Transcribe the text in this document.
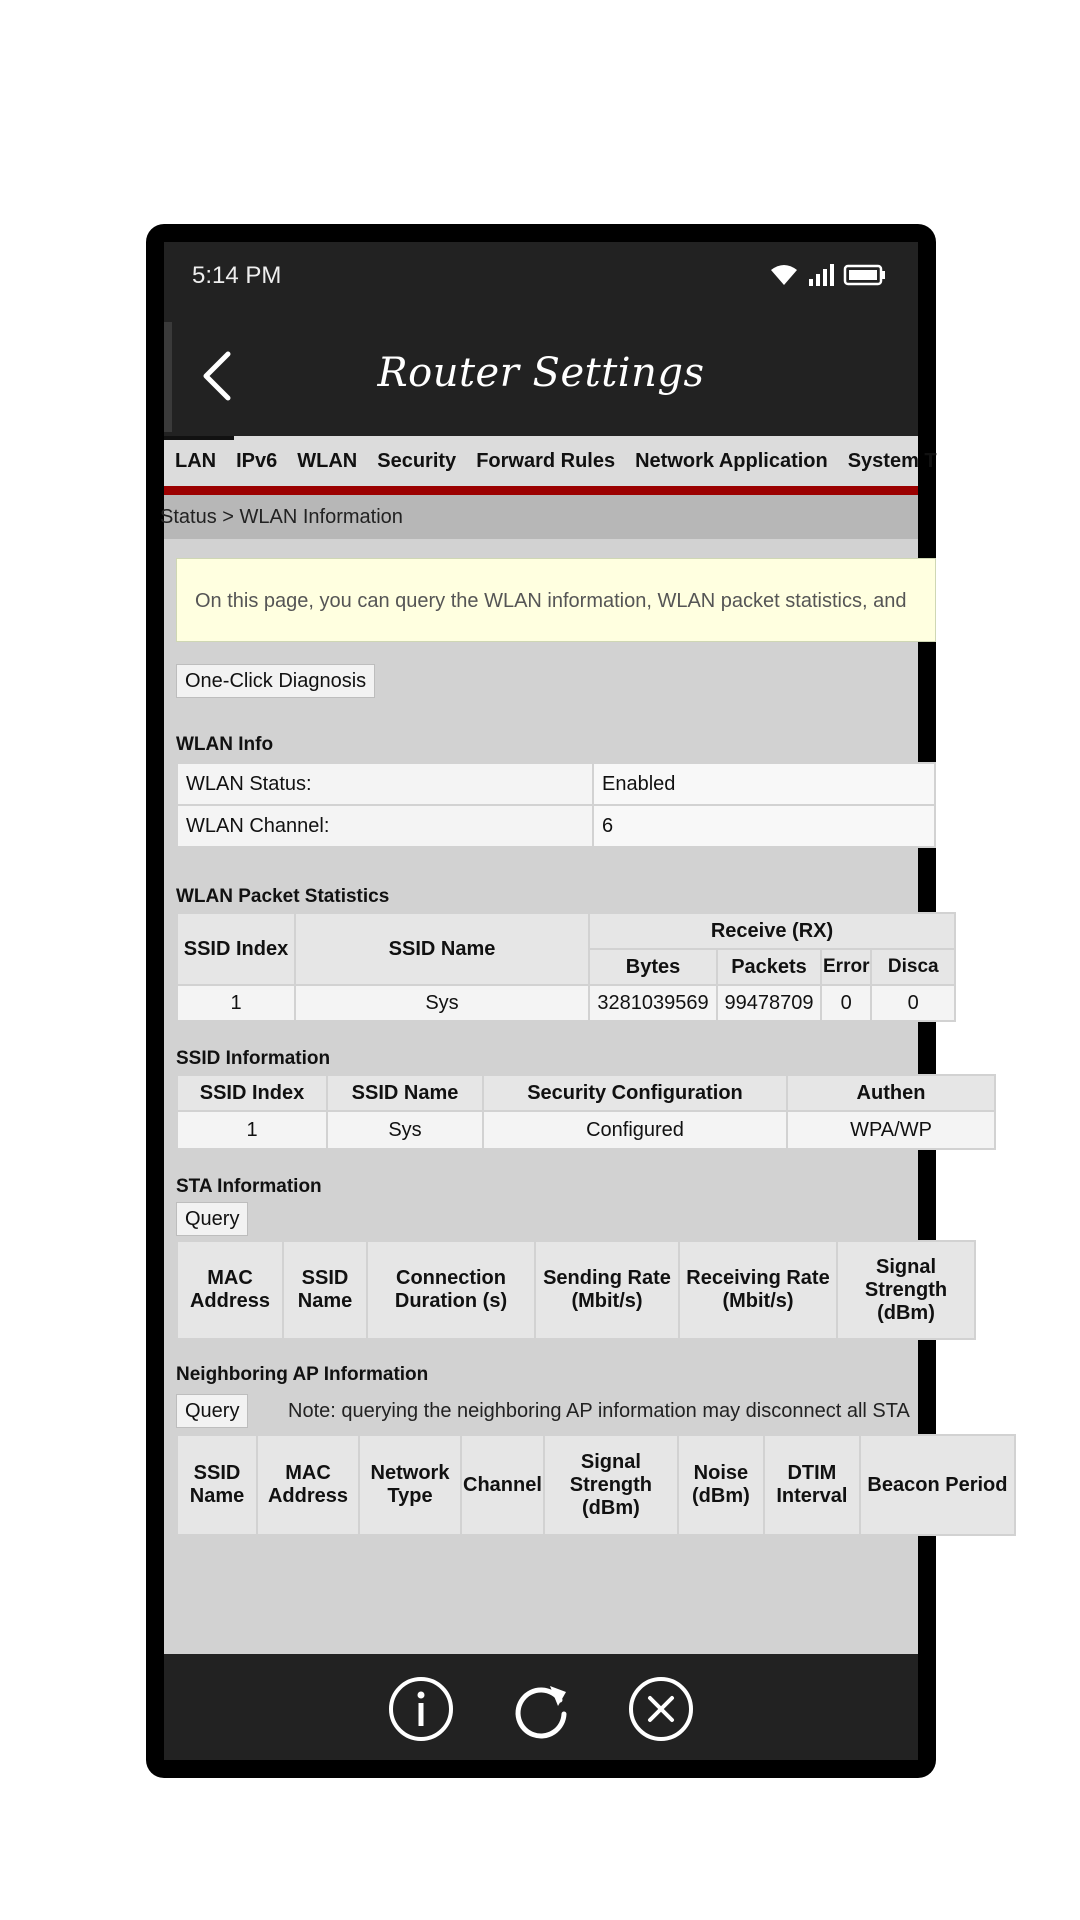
5:14 PM
Router Settings
LAN IPv6 WLAN Security Forward Rules Network Application System T
Status > WLAN Information
On this page, you can query the WLAN information, WLAN packet statistics, and
One-Click Diagnosis
WLAN Info
WLAN Status:	Enabled
WLAN Channel:	6
WLAN Packet Statistics
SSID Index	SSID Name	Receive (RX)			
		Bytes	Packets	Error	Disca
1	Sys	3281039569	99478709	0	0
SSID Information
SSID Index	SSID Name	Security Configuration	Authen
1	Sys	Configured	WPA/WP
STA Information
Query
MAC Address	SSID Name	Connection Duration (s)	Sending Rate (Mbit/s)	Receiving Rate (Mbit/s)	Signal Strength (dBm)
Neighboring AP Information
Query	Note: querying the neighboring AP information may disconnect all STA
SSID Name	MAC Address	Network Type	Channel	Signal Strength (dBm)	Noise (dBm)	DTIM Interval	Beacon Period
